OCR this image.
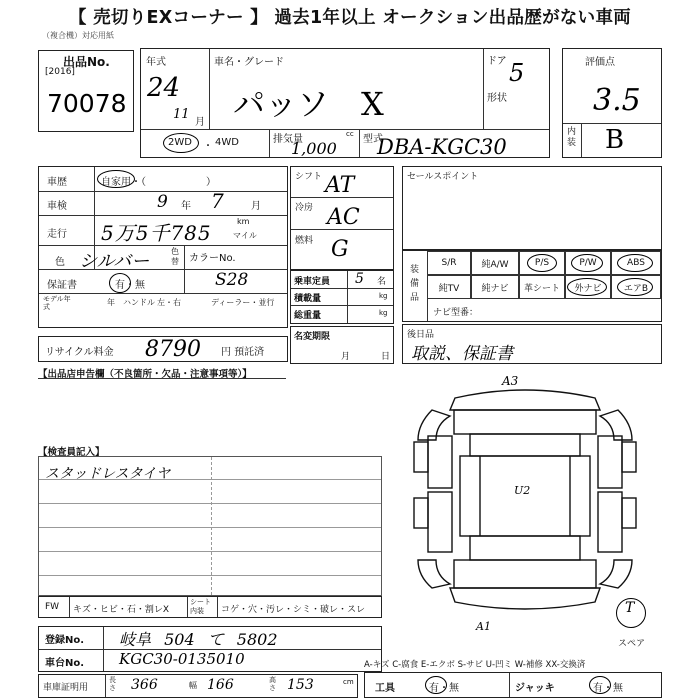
【 売切りEXコーナー 】 過去1年以上 オークション出品歴がない車両
（複合機）対応用紙
出品No.
[2016]
70078
年式
24
11
月
車名・グレード
パッソ　X
ドア 5
形状
2WD ・ 4WD	排気量	cc
1,000	型式
DBA-KGC30
評価点
3.5
内装 B
車歴	自家用・（　　　　　　）
車検	9 年 7	月
走行 5万5千785	km
マイル
色 シルバー	色替 カラーNo.
保証書	有・無	S28
モデル年式	年 ハンドル 左・右	ディーラー・並行
シフト AT
冷房 AC
燃料 G
乗車定員 5 名
積載量	kg
総重量	kg
セールスポイント
装備品
S/R	純A/W	P/S	P/W	ABS
純TV	純ナビ	革シート	外ナビ	エアB
ナビ型番：
リサイクル料金 8790 円 預託済
名変期限
月	日
後日品
取説、保証書
【出品店申告欄（不良箇所・欠品・注意事項等）】
【検査員記入】
スタッドレスタイヤ
FW キズ・ヒビ・石・割レX
シート内装	コゲ・穴・汚レ・シミ・破レ・スレ
登録No. 岐阜 504 て 5802
車台No. KGC30-0135010
車庫証明用
長さ 366	幅 166	高さ 153	cm
A-キズ C-腐食 E-エクボ S-サビ U-凹ミ W-補修 XX-交換済
工具	有・無	ジャッキ	有・無
A3
U2
A1
T
スペア
